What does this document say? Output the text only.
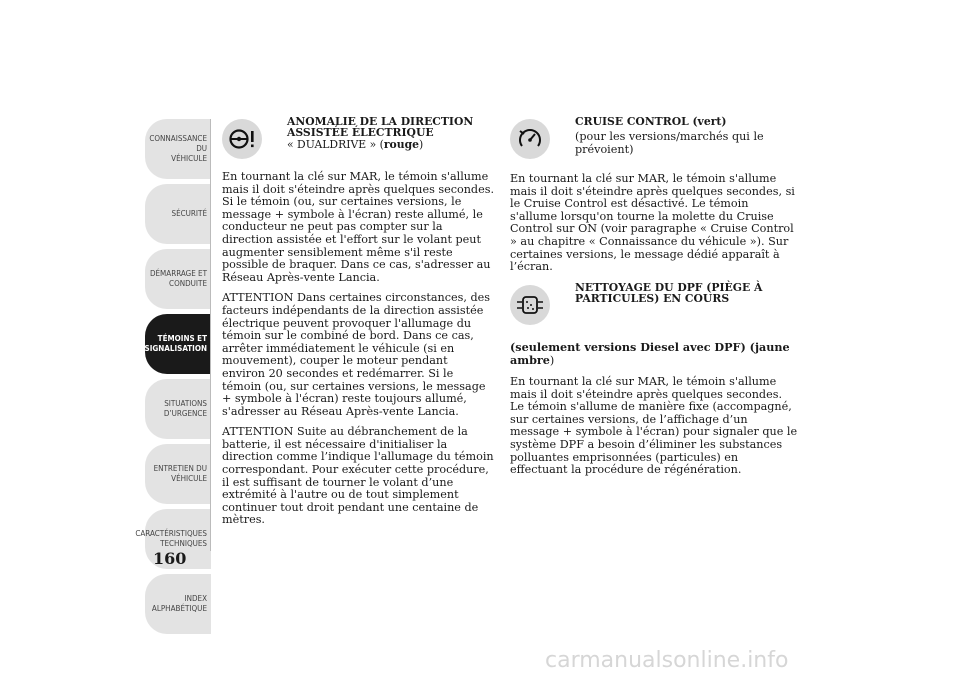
CONNAISSANCE DU
VÉHICULE
SÉCURITÉ
DÉMARRAGE ET
CONDUITE
TÉMOINS ET
SIGNALISATION
SITUATIONS
D’URGENCE
ENTRETIEN DU
VÉHICULE
CARACTÉRISTIQUES
TECHNIQUES
INDEX
ALPHABÉTIQUE
160
ANOMALIE DE LA DIRECTION
ASSISTÉE ÉLECTRIQUE
« DUALDRIVE » (rouge)

En tournant la clé sur MAR, le témoin s'allume mais il doit s'éteindre après quelques secondes. Si le témoin (ou, sur certaines versions, le message + symbole à l'écran) reste allumé, le conducteur ne peut pas compter sur la direction assistée et l'effort sur le volant peut augmenter sensiblement même s'il reste possible de braquer. Dans ce cas, s'adresser au Réseau Après-vente Lancia.

ATTENTION Dans certaines circonstances, des facteurs indépendants de la direction assistée électrique peuvent provoquer l'allumage du témoin sur le combiné de bord. Dans ce cas, arrêter immédiatement le véhicule (si en mouvement), couper le moteur pendant environ 20 secondes et redémarrer. Si le témoin (ou, sur certaines versions, le message + symbole à l'écran) reste toujours allumé, s'adresser au Réseau Après-vente Lancia.

ATTENTION Suite au débranchement de la batterie, il est nécessaire d'initialiser la direction comme l’indique l'allumage du témoin correspondant. Pour exécuter cette procédure, il est suffisant de tourner le volant d’une extrémité à l'autre ou de tout simplement continuer tout droit pendant une centaine de mètres.

CRUISE CONTROL (vert)
(pour les versions/marchés qui le prévoient)

En tournant la clé sur MAR, le témoin s'allume mais il doit s'éteindre après quelques secondes, si le Cruise Control est désactivé. Le témoin s'allume lorsqu'on tourne la molette du Cruise Control sur ON (voir paragraphe « Cruise Control » au chapitre « Connaissance du véhicule »). Sur certaines versions, le message dédié apparaît à l’écran.

NETTOYAGE DU DPF (PIÈGE À
PARTICULES) EN COURS

(seulement versions Diesel avec DPF) (jaune ambre)

En tournant la clé sur MAR, le témoin s'allume mais il doit s'éteindre après quelques secondes. Le témoin s'allume de manière fixe (accompagné, sur certaines versions, de l’affichage d’un message + symbole à l'écran) pour signaler que le système DPF a besoin d’éliminer les substances polluantes emprisonnées (particules) en effectuant la procédure de régénération.

carmanualsonline.info
